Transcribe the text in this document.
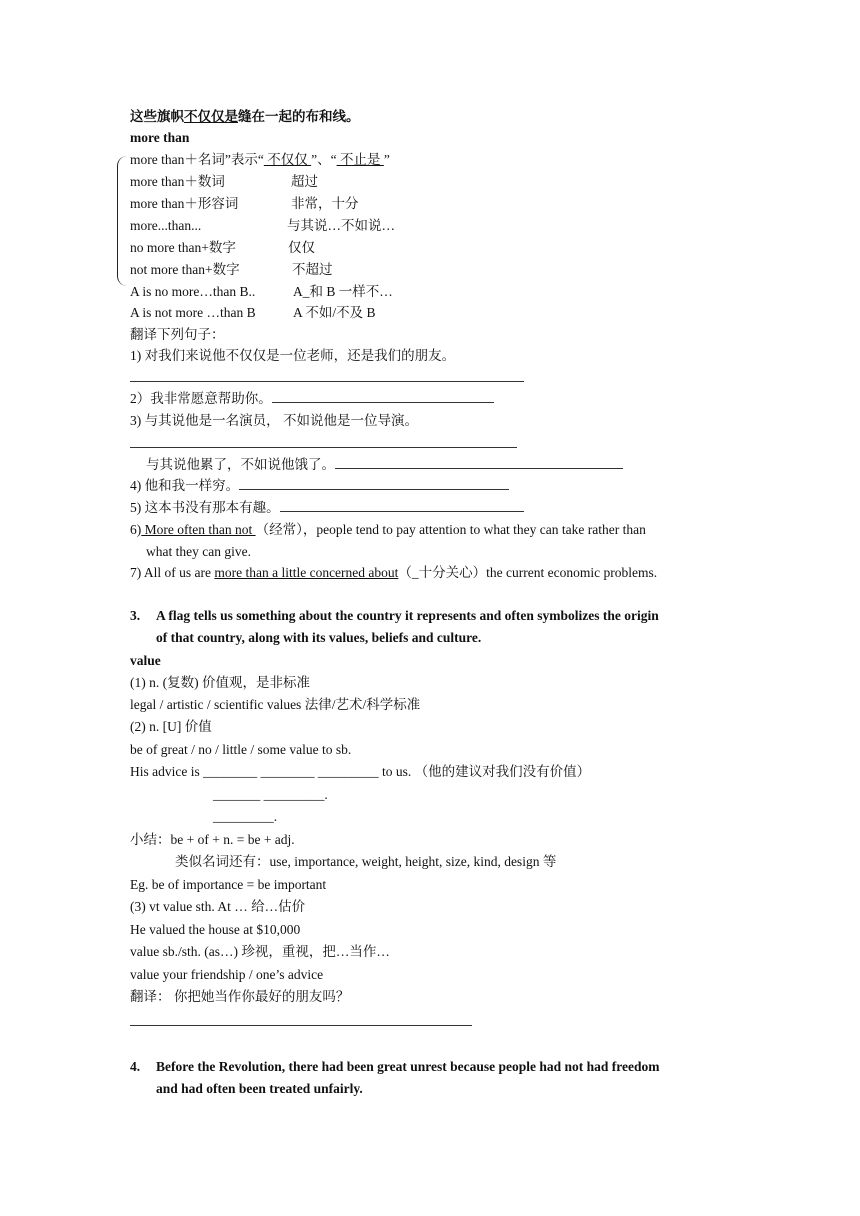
这些旗帜不仅仅是缝在一起的布和线。
more than
more than＋名词”表示“ 不仅仅 ”、“ 不止是 ”
more than＋数词	超过
more than＋形容词	非常，十分
more...than...	与其说…不如说…
no more than+数字	仅仅
not more than+数字	不超过
A is no more…than B..	A_和 B 一样不…
A is not more …than B	A 不如/不及 B
翻译下列句子：
1) 对我们来说他不仅仅是一位老师，还是我们的朋友。
2）我非常愿意帮助你。
3) 与其说他是一名演员， 不如说他是一位导演。
与其说他累了，不如说他饿了。
4) 他和我一样穷。
5) 这本书没有那本有趣。
6) More often than not （经常），people tend to pay attention to what they can take rather than
what they can give.
7) All of us are more than a little concerned about（_十分关心）the current economic problems.
3. A flag tells us something about the country it represents and often symbolizes the origin
of that country, along with its values, beliefs and culture.
value
(1) n. (复数) 价值观，是非标准
legal / artistic / scientific values 法律/艺术/科学标准
(2) n. [U] 价值
be of great / no / little / some value to sb.
His advice is ________ ________ _________ to us. （他的建议对我们没有价值）
_______ _________.
_________.
小结：be + of + n. = be + adj.
类似名词还有：use, importance, weight, height, size, kind, design 等
Eg. be of importance = be important
(3) vt value sth. At … 给…估价
He valued the house at $10,000
value sb./sth. (as…) 珍视，重视，把…当作…
value your friendship / one’s advice
翻译： 你把她当作你最好的朋友吗？
4. Before the Revolution, there had been great unrest because people had not had freedom
and had often been treated unfairly.
